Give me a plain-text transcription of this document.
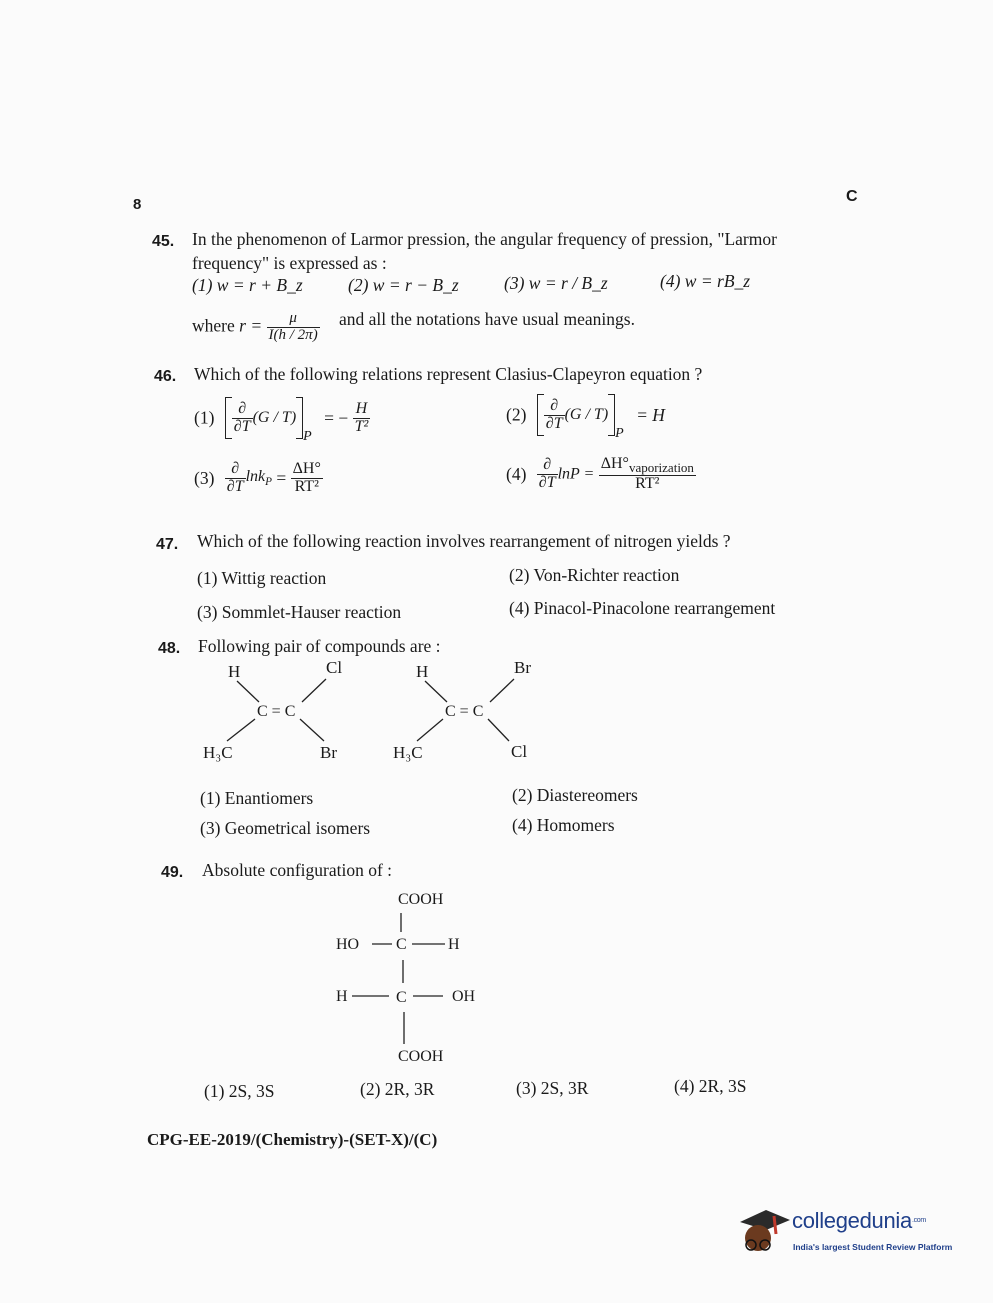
8	C
45. In the phenomenon of Larmor pression, the angular frequency of pression, "Larmor
frequency" is expressed as :
(1) w = r + B_z	(2) w = r − B_z	(3) w = r / B_z	(4) w = rB_z
where $r = \frac{\mu}{I(h / 2\pi)}$ and all the notations have usual meanings.
46. Which of the following relations represent Clasius-Clapeyron equation ?
$(1) \frac{\partial}{\partial T} (G / T)_P$ = − $\frac{H}{\text{T²}}$	$(2) \frac{\partial}{\partial T} (G / T)_P = H$
$(3) \frac{\partial}{\partial T} \ln k_P = \frac{\Delta H^\circ}{\text{RT²}}$	$(4) \frac{\partial}{\partial T}$ $\ln P = \frac{\Delta H^\circ_{vaporization}}{\text{RT²}}$
47. Which of the following reaction involves rearrangement of nitrogen yields ?
(1) Wittig reaction	(2) Von-Richter reaction
(3) Sommlet-Hauser reaction	(4) Pinacol-Pinacolone rearrangement
48. Following pair of compounds are :
H	Cl
H₃C	Br
C = C
H	Br
H₃C	Cl
C = C
(1) Enantiomers	(2) Diastereomers
(3) Geometrical isomers	(4) Homomers
49. Absolute configuration of :
COOH
HO C	H
H	C	OH
COOH
(1) 2S, 3S	(2) 2R, 3R	(3) 2S, 3R	(4) 2R, 3S
CPG-EE-2019/(Chemistry)-(SET-X)/(C)
collegedunia$^{.com}$
India's largest Student Review Platform
